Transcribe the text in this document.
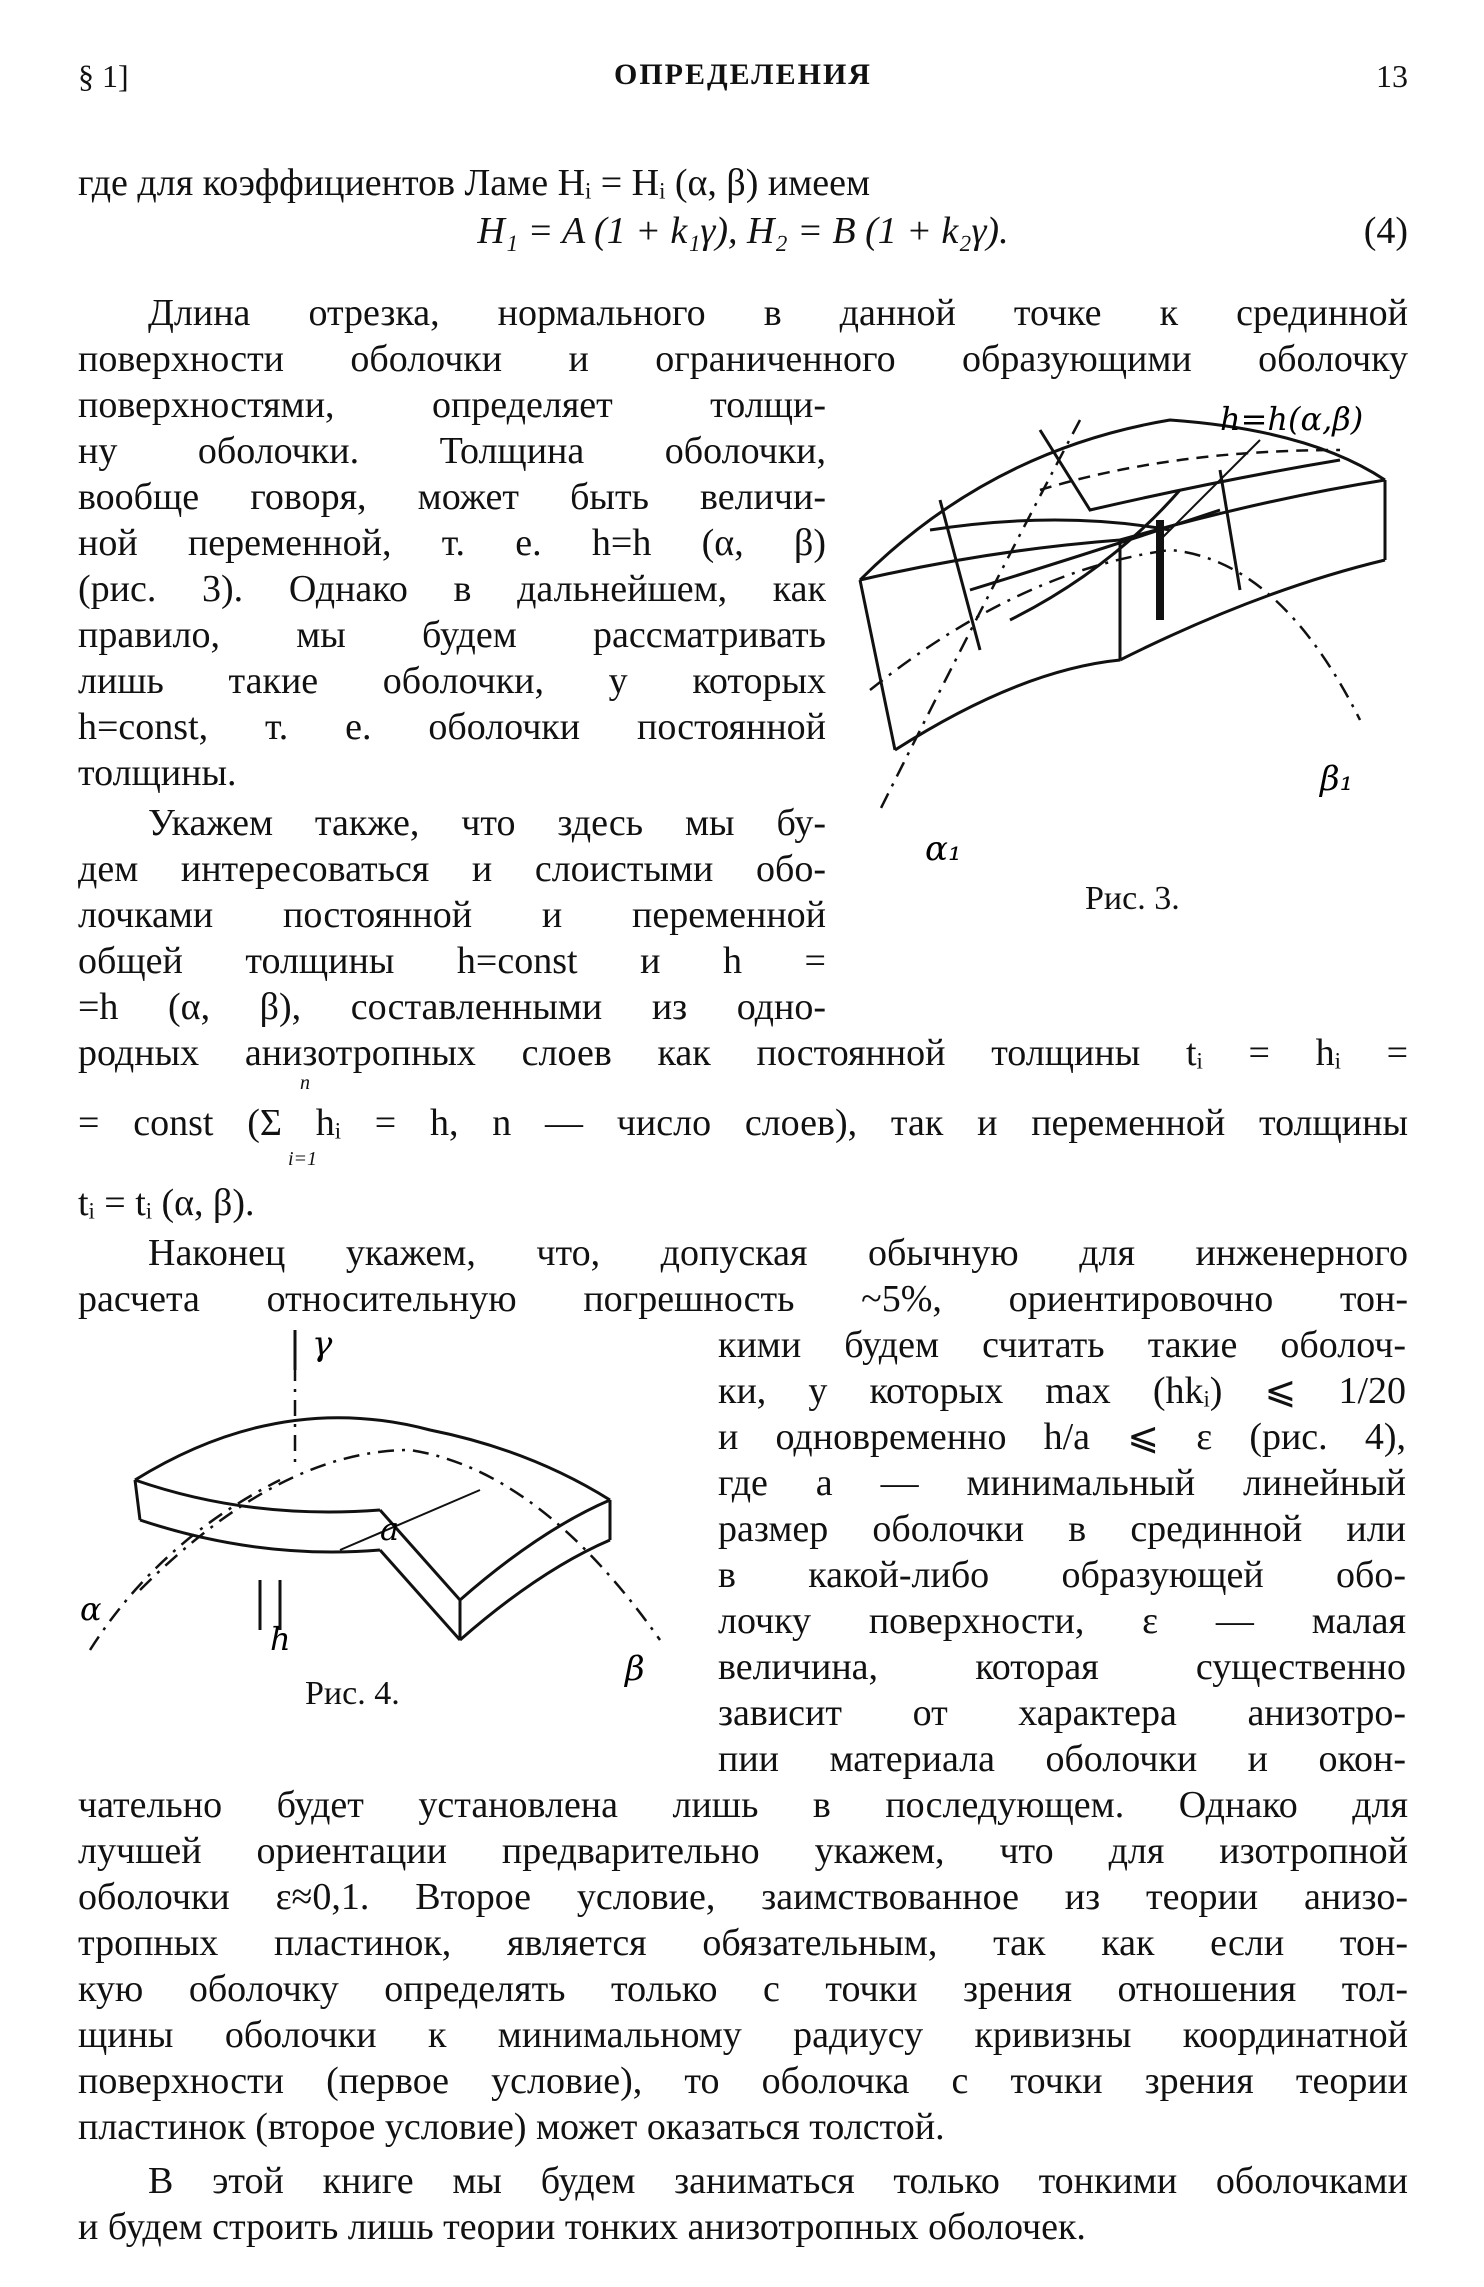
§ 1]	ОПРЕДЕЛЕНИЯ	13
где для коэффициентов Ламе Hᵢ = Hᵢ (α, β) имеем
H₁ = A (1 + k₁γ), H₂ = B (1 + k₂γ).	(4)
Длина отрезка, нормального в данной точке к срединной
поверхности оболочки и ограниченного образующими оболочку
поверхностями, определяет толщи-
ну оболочки. Толщина оболочки,
вообще говоря, может быть величи-
ной переменной, т. е. h=h (α, β)
(рис. 3). Однако в дальнейшем, как
правило, мы будем рассматривать
лишь такие оболочки, у которых
h=const, т. е. оболочки постоянной
толщины.
Укажем также, что здесь мы бу-
дем интересоваться и слоистыми обо-
лочками постоянной и переменной
общей толщины h=const и h =
=h (α, β), составленными из одно-
родных анизотропных слоев как постоянной толщины tᵢ = hᵢ =
= const (Σ hᵢ = h, n — число слоев), так и переменной толщины
n
i=1
tᵢ = tᵢ (α, β).
Наконец укажем, что, допуская обычную для инженерного
расчета относительную погрешность ~5%, ориентировочно тон-
кими будем считать такие оболоч-
ки, у которых max (hkᵢ) ⩽ 1/20
и одновременно h/a ⩽ ε (рис. 4),
где a — минимальный линейный
размер оболочки в срединной или
в какой-либо образующей обо-
лочку поверхности, ε — малая
величина, которая существенно
зависит от характера анизотро-
пии материала оболочки и окон-
чательно будет установлена лишь в последующем. Однако для
лучшей ориентации предварительно укажем, что для изотропной
оболочки ε≈0,1. Второе условие, заимствованное из теории анизо-
тропных пластинок, является обязательным, так как если тон-
кую оболочку определять только с точки зрения отношения тол-
щины оболочки к минимальному радиусу кривизны координатной
поверхности (первое условие), то оболочка с точки зрения теории
пластинок (второе условие) может оказаться толстой.
В этой книге мы будем заниматься только тонкими оболочками
и будем строить лишь теории тонких анизотропных оболочек.
h=h(α,β)
β₁
α₁
Рис. 3.
γ
a
h
α
β
Рис. 4.
